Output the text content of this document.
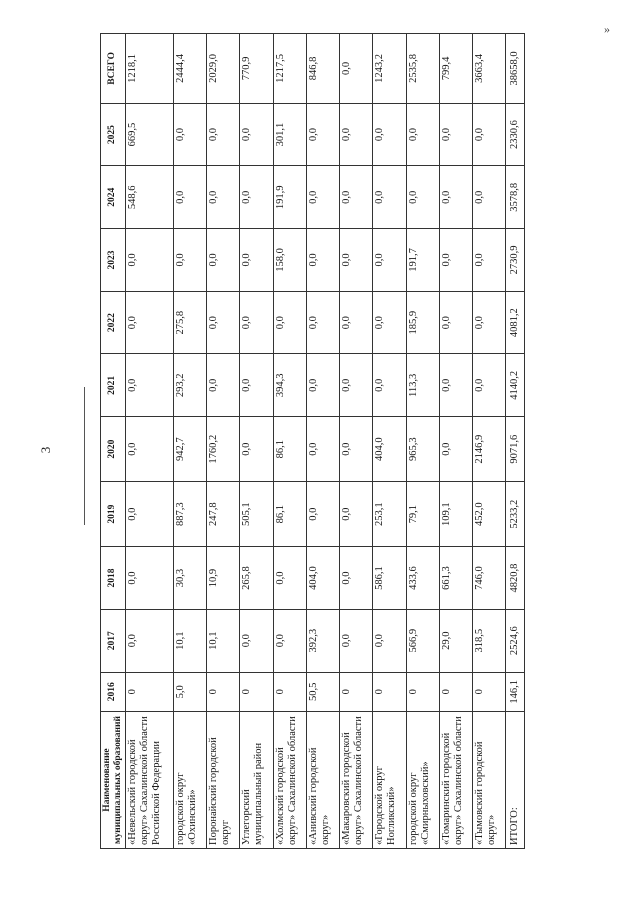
3
»
Наименование муниципальных образований	2016	2017	2018	2019	2020	2021	2022	2023	2024	2025	ВСЕГО
«Невельский городской округ» Сахалинской области Российской Федерации	0	0,0	0,0	0,0	0,0	0,0	0,0	0,0	548,6	669,5	1218,1
городской округ «Охинский»	5,0	10,1	30,3	887,3	942,7	293,2	275,8	0,0	0,0	0,0	2444,4
Поронайский городской округ	0	10,1	10,9	247,8	1760,2	0,0	0,0	0,0	0,0	0,0	2029,0
Углегорский муниципальный район	0	0,0	265,8	505,1	0,0	0,0	0,0	0,0	0,0	0,0	770,9
«Холмский городской округ» Сахалинской области	0	0,0	0,0	86,1	86,1	394,3	0,0	158,0	191,9	301,1	1217,5
«Анивский городской округ»	50,5	392,3	404,0	0,0	0,0	0,0	0,0	0,0	0,0	0,0	846,8
«Макаровский городской округ» Сахалинской области	0	0,0	0,0	0,0	0,0	0,0	0,0	0,0	0,0	0,0	0,0
«Городской округ Ногликский»	0	0,0	586,1	253,1	404,0	0,0	0,0	0,0	0,0	0,0	1243,2
городской округ «Смирныховский»	0	566,9	433,6	79,1	965,3	113,3	185,9	191,7	0,0	0,0	2535,8
«Томаринский городской округ» Сахалинской области	0	29,0	661,3	109,1	0,0	0,0	0,0	0,0	0,0	0,0	799,4
«Тымовский городской округ»	0	318,5	746,0	452,0	2146,9	0,0	0,0	0,0	0,0	0,0	3663,4
ИТОГО:	146,1	2524,6	4820,8	5233,2	9071,6	4140,2	4081,2	2730,9	3578,8	2330,6	38658,0
